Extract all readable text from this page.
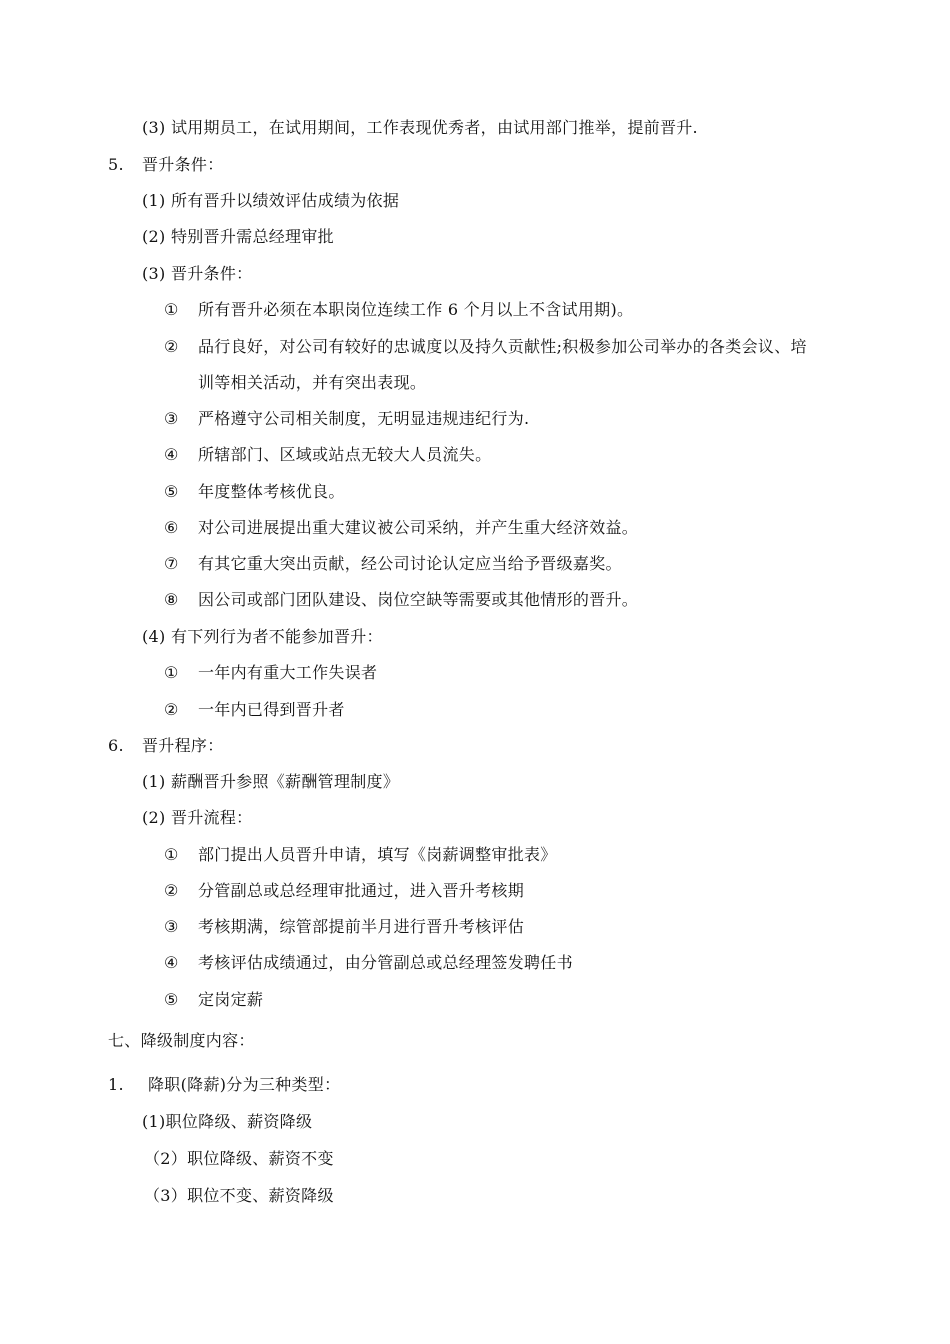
(3) 试用期员工，在试用期间，工作表现优秀者，由试用部门推举，提前晋升.
5. 晋升条件：
(1) 所有晋升以绩效评估成绩为依据
(2) 特别晋升需总经理审批
(3) 晋升条件：
① 所有晋升必须在本职岗位连续工作 6 个月以上不含试用期)。
② 品行良好，对公司有较好的忠诚度以及持久贡献性;积极参加公司举办的各类会议、培
训等相关活动，并有突出表现。
③ 严格遵守公司相关制度，无明显违规违纪行为.
④ 所辖部门、区域或站点无较大人员流失。
⑤ 年度整体考核优良。
⑥ 对公司进展提出重大建议被公司采纳，并产生重大经济效益。
⑦ 有其它重大突出贡献，经公司讨论认定应当给予晋级嘉奖。
⑧ 因公司或部门团队建设、岗位空缺等需要或其他情形的晋升。
(4) 有下列行为者不能参加晋升：
① 一年内有重大工作失误者
② 一年内已得到晋升者
6. 晋升程序：
(1) 薪酬晋升参照《薪酬管理制度》
(2) 晋升流程：
① 部门提出人员晋升申请，填写《岗薪调整审批表》
② 分管副总或总经理审批通过，进入晋升考核期
③ 考核期满，综管部提前半月进行晋升考核评估
④ 考核评估成绩通过，由分管副总或总经理签发聘任书
⑤ 定岗定薪
七、降级制度内容：
1. 降职(降薪)分为三种类型：
(1)职位降级、薪资降级
（2）职位降级、薪资不变
（3）职位不变、薪资降级
